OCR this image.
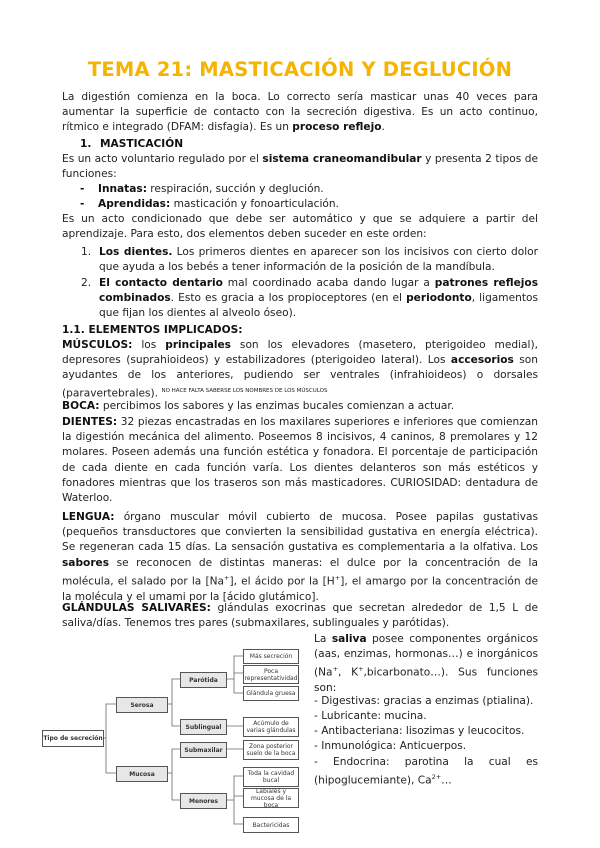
TEMA 21: MASTICACIÓN Y DEGLUCIÓN
La digestión comienza en la boca. Lo correcto sería masticar unas 40 veces para aumentar la superficie de contacto con la secreción digestiva. Es un acto continuo, rítmico e integrado (DFAM: disfagia). Es un proceso reflejo.
1. MASTICACIÓN
Es un acto voluntario regulado por el sistema craneomandibular y presenta 2 tipos de funciones:
-	Innatas: respiración, succión y deglución.
-	Aprendidas: masticación y fonoarticulación.
Es un acto condicionado que debe ser automático y que se adquiere a partir del aprendizaje. Para esto, dos elementos deben suceder en este orden:
1. Los dientes. Los primeros dientes en aparecer son los incisivos con cierto dolor que ayuda a los bebés a tener información de la posición de la mandíbula.
2. El contacto dentario mal coordinado acaba dando lugar a patrones reflejos combinados. Esto es gracia a los propioceptores (en el periodonto, ligamentos que fijan los dientes al alveolo óseo).
1.1. ELEMENTOS IMPLICADOS:
MÚSCULOS: los principales son los elevadores (masetero, pterigoideo medial), depresores (suprahioideos) y estabilizadores (pterigoideo lateral). Los accesorios son ayudantes de los anteriores, pudiendo ser ventrales (infrahioideos) o dorsales (paravertebrales). $^{NO HACE FALTA SABERSE LOS NOMBRES DE LOS MÚSCULOS}$
BOCA: percibimos los sabores y las enzimas bucales comienzan a actuar.
DIENTES: 32 piezas encastradas en los maxilares superiores e inferiores que comienzan la digestión mecánica del alimento. Poseemos 8 incisivos, 4 caninos, 8 premolares y 12 molares. Poseen además una función estética y fonadora. El porcentaje de participación de cada diente en cada función varía. Los dientes delanteros son más estéticos y fonadores mientras que los traseros son más masticadores. CURIOSIDAD: dentadura de Waterloo.
LENGUA: órgano muscular móvil cubierto de mucosa. Posee papilas gustativas (pequeños transductores que convierten la sensibilidad gustativa en energía eléctrica). Se regeneran cada 15 días. La sensación gustativa es complementaria a la olfativa. Los sabores se reconocen de distintas maneras: el dulce por la concentración de la molécula, el salado por la [Na+], el ácido por la [H+], el amargo por la concentración de la molécula y el umami por la [ácido glutámico].
GLÁNDULAS SALIVARES: glándulas exocrinas que secretan alrededor de 1,5 L de saliva/días. Tenemos tres pares (submaxilares, sublinguales y parótidas).
La saliva posee componentes orgánicos (aas, enzimas, hormonas…) e inorgánicos (Na+, K+,bicarbonato…). Sus funciones son:
- Digestivas: gracias a enzimas (ptialina).
- Lubricante: mucina.
- Antibacteriana: lisozimas y leucocitos.
- Inmunológica: Anticuerpos.
- Endocrina: parotina la cual es (hipoglucemiante), $Ca^{2+}\dots$
Tipo de secreción
Serosa
Mucosa
Parótida
Sublingual
Submaxilar
Menores
Más secreción
Poca representatividad
Glándula gruesa
Acúmulo de varias glándulas
Zona posterior suelo de la boca
Toda la cavidad bucal
Labiales y mucosa de la boca
Bactericidas
